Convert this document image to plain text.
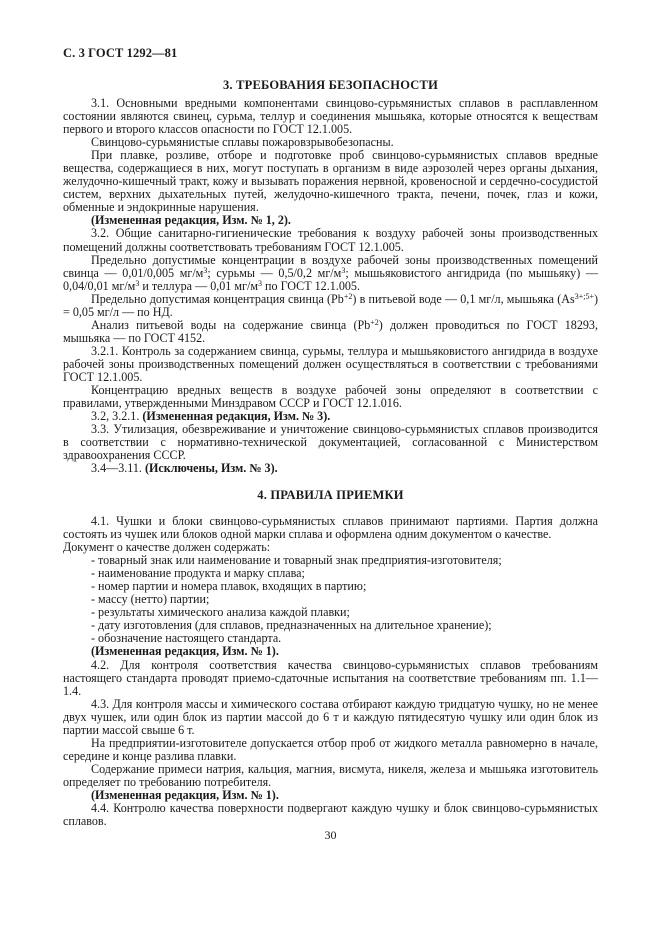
С. 3 ГОСТ 1292—81
3. ТРЕБОВАНИЯ БЕЗОПАСНОСТИ

3.1. Основными вредными компонентами свинцово-сурьмянистых сплавов в расплавленном состоянии являются свинец, сурьма, теллур и соединения мышьяка, которые относятся к веществам первого и второго классов опасности по ГОСТ 12.1.005.

Свинцово-сурьмянистые сплавы пожаровзрывобезопасны.

При плавке, розливе, отборе и подготовке проб свинцово-сурьмянистых сплавов вредные вещества, содержащиеся в них, могут поступать в организм в виде аэрозолей через органы дыхания, желудочно-кишечный тракт, кожу и вызывать поражения нервной, кровеносной и сердечно-сосудистой систем, верхних дыхательных путей, желудочно-кишечного тракта, печени, почек, глаз и кожи, обменные и эндокринные нарушения.

(Измененная редакция, Изм. № 1, 2).

3.2. Общие санитарно-гигиенические требования к воздуху рабочей зоны производственных помещений должны соответствовать требованиям ГОСТ 12.1.005.

Предельно допустимые концентрации в воздухе рабочей зоны производственных помещений свинца — 0,01/0,005 $мг/м^3$; сурьмы — 0,5/0,2 $мг/м^3$; мышьяковистого ангидрида (по мышьяку) — 0,04/0,01 $мг/м^3$ и теллура — 0,01 $мг/м^3$ по ГОСТ 12.1.005.

Предельно допустимая концентрация свинца $(Pb^{+2})$ в питьевой воде — 0,1 мг/л, мышьяка $(As^{3+;5+}) = 0,05$ мг/л — по НД.

Анализ питьевой воды на содержание свинца $(Pb^{+2})$ должен проводиться по ГОСТ 18293, мышьяка — по ГОСТ 4152.

3.2.1. Контроль за содержанием свинца, сурьмы, теллура и мышьяковистого ангидрида в воздухе рабочей зоны производственных помещений должен осуществляться в соответствии с требованиями ГОСТ 12.1.005.

Концентрацию вредных веществ в воздухе рабочей зоны определяют в соответствии с правилами, утвержденными Минздравом СССР и ГОСТ 12.1.016.

3.2, 3.2.1. (Измененная редакция, Изм. № 3).

3.3. Утилизация, обезвреживание и уничтожение свинцово-сурьмянистых сплавов производится в соответствии с нормативно-технической документацией, согласованной с Министерством здравоохранения СССР.

3.4—3.11. (Исключены, Изм. № 3).

4. ПРАВИЛА ПРИЕМКИ

4.1. Чушки и блоки свинцово-сурьмянистых сплавов принимают партиями. Партия должна состоять из чушек или блоков одной марки сплава и оформлена одним документом о качестве.

Документ о качестве должен содержать:

- товарный знак или наименование и товарный знак предприятия-изготовителя;

- наименование продукта и марку сплава;

- номер партии и номера плавок, входящих в партию;

- массу (нетто) партии;

- результаты химического анализа каждой плавки;

- дату изготовления (для сплавов, предназначенных на длительное хранение);

- обозначение настоящего стандарта.

(Измененная редакция, Изм. № 1).

4.2. Для контроля соответствия качества свинцово-сурьмянистых сплавов требованиям настоящего стандарта проводят приемо-сдаточные испытания на соответствие требованиям пп. 1.1—1.4.

4.3. Для контроля массы и химического состава отбирают каждую тридцатую чушку, но не менее двух чушек, или один блок из партии массой до 6 т и каждую пятидесятую чушку или один блок из партии массой свыше 6 т.

На предприятии-изготовителе допускается отбор проб от жидкого металла равномерно в начале, середине и конце разлива плавки.

Содержание примеси натрия, кальция, магния, висмута, никеля, железа и мышьяка изготовитель определяет по требованию потребителя.

(Измененная редакция, Изм. № 1).

4.4. Контролю качества поверхности подвергают каждую чушку и блок свинцово-сурьмянистых сплавов.

30
